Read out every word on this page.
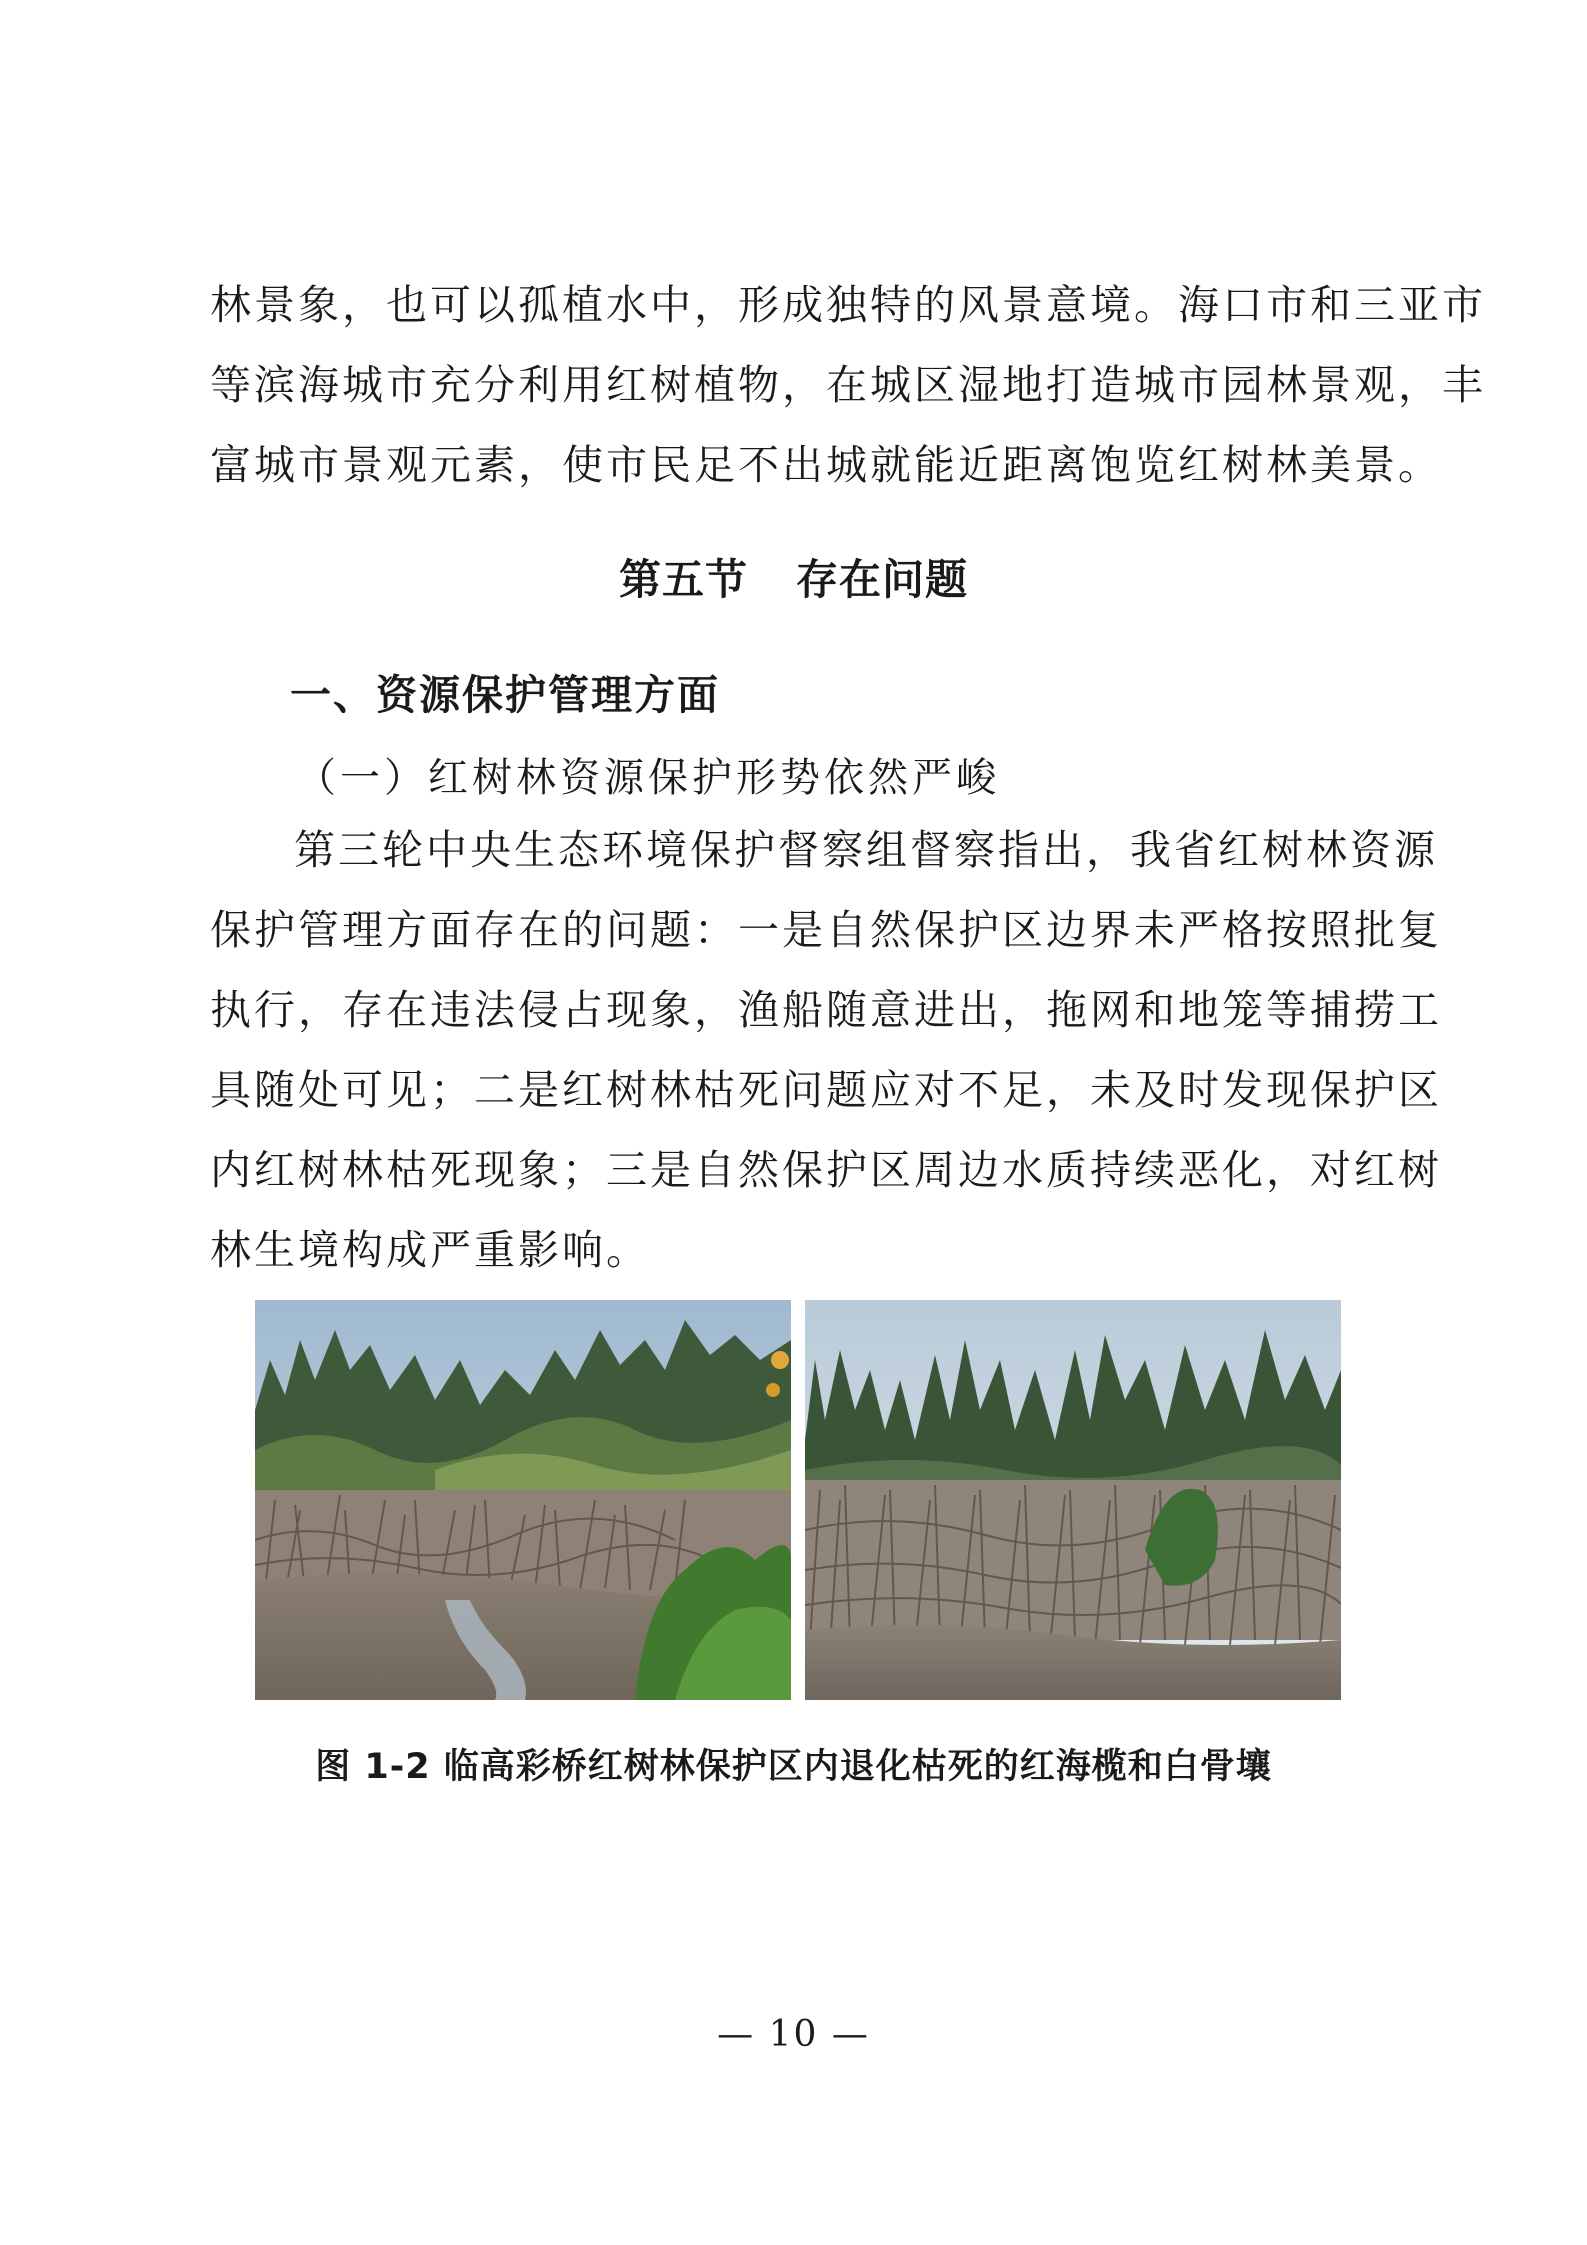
林景象，也可以孤植水中，形成独特的风景意境。海口市和三亚市
等滨海城市充分利用红树植物，在城区湿地打造城市园林景观，丰
富城市景观元素，使市民足不出城就能近距离饱览红树林美景。
第五节 存在问题
一、资源保护管理方面
（一）红树林资源保护形势依然严峻
第三轮中央生态环境保护督察组督察指出，我省红树林资源
保护管理方面存在的问题：一是自然保护区边界未严格按照批复
执行，存在违法侵占现象，渔船随意进出，拖网和地笼等捕捞工
具随处可见；二是红树林枯死问题应对不足，未及时发现保护区
内红树林枯死现象；三是自然保护区周边水质持续恶化，对红树
林生境构成严重影响。
图 1-2 临高彩桥红树林保护区内退化枯死的红海榄和白骨壤
— 10 —
